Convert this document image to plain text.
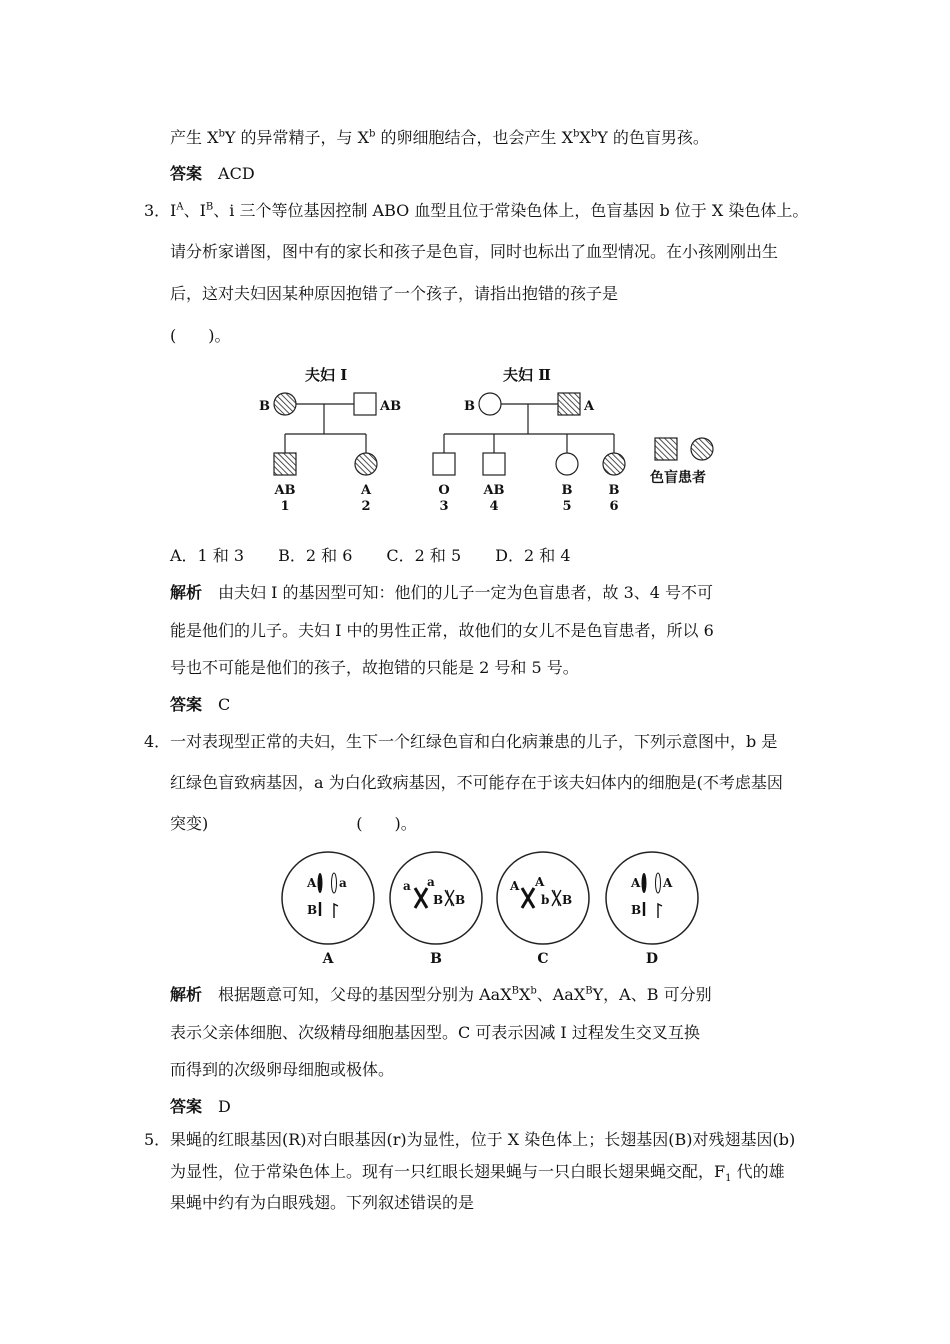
产生 $X^bY$ 的异常精子，与 $X^b$ 的卵细胞结合，也会产生 $X^bX^bY$ 的色盲男孩。
答案 ACD
3． $I^A$、$I^B$、i 三个等位基因控制 ABO 血型且位于常染色体上，色盲基因 b 位于 X 染色体上。
请分析家谱图，图中有的家长和孩子是色盲，同时也标出了血型情况。在小孩刚刚出生
后，这对夫妇因某种原因抱错了一个孩子，请指出抱错的孩子是
(　　)。
夫妇 Ⅰ
B	AB
夫妇 Ⅱ
B	A
色盲患者
AB
1
A
2
O
3
AB
4
B
5
B
6
A．1 和 3 B．2 和 6 C．2 和 5 D．2 和 4
解析 由夫妇 I 的基因型可知：他们的儿子一定为色盲患者，故 3、4 号不可
能是他们的儿子。夫妇 I 中的男性正常，故他们的女儿不是色盲患者，所以 6
号也不可能是他们的孩子，故抱错的只能是 2 号和 5 号。
答案 C
4． 一对表现型正常的夫妇，生下一个红绿色盲和白化病兼患的儿子，下列示意图中，b 是
红绿色盲致病基因，a 为白化致病基因，不可能存在于该夫妇体内的细胞是(不考虑基因
突变)	(　　)。
A a
B
a a
B B
A A
b B
A A
B
A	B	C	D
解析 根据题意可知，父母的基因型分别为 $AaX^BX^b$、AaX$^B$Y，A、B 可分别
表示父亲体细胞、次级精母细胞基因型。C 可表示因减 I 过程发生交叉互换
而得到的次级卵母细胞或极体。
答案 D
5． 果蝇的红眼基因(R)对白眼基因(r)为显性，位于 X 染色体上；长翅基因(B)对残翅基因(b)
为显性，位于常染色体上。现有一只红眼长翅果蝇与一只白眼长翅果蝇交配，$F_1$ 代的雄
果蝇中约有为白眼残翅。下列叙述错误的是
